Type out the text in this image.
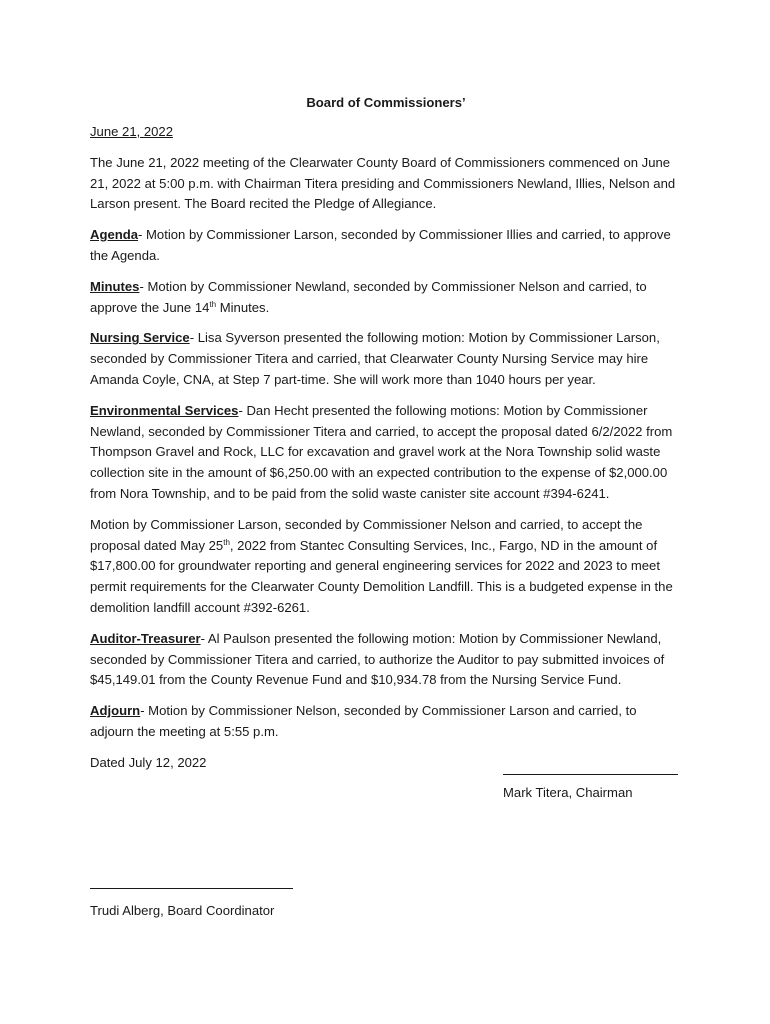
Board of Commissioners’
June 21, 2022

The June 21, 2022 meeting of the Clearwater County Board of Commissioners commenced on June 21, 2022 at 5:00 p.m. with Chairman Titera presiding and Commissioners Newland, Illies, Nelson and Larson present. The Board recited the Pledge of Allegiance.

Agenda- Motion by Commissioner Larson, seconded by Commissioner Illies and carried, to approve the Agenda.

Minutes- Motion by Commissioner Newland, seconded by Commissioner Nelson and carried, to approve the June 14th Minutes.

Nursing Service- Lisa Syverson presented the following motion: Motion by Commissioner Larson, seconded by Commissioner Titera and carried, that Clearwater County Nursing Service may hire Amanda Coyle, CNA, at Step 7 part-time. She will work more than 1040 hours per year.

Environmental Services- Dan Hecht presented the following motions: Motion by Commissioner Newland, seconded by Commissioner Titera and carried, to accept the proposal dated 6/2/2022 from Thompson Gravel and Rock, LLC for excavation and gravel work at the Nora Township solid waste collection site in the amount of $6,250.00 with an expected contribution to the expense of $2,000.00 from Nora Township, and to be paid from the solid waste canister site account #394-6241.

Motion by Commissioner Larson, seconded by Commissioner Nelson and carried, to accept the proposal dated May 25th, 2022 from Stantec Consulting Services, Inc., Fargo, ND in the amount of $17,800.00 for groundwater reporting and general engineering services for 2022 and 2023 to meet permit requirements for the Clearwater County Demolition Landfill. This is a budgeted expense in the demolition landfill account #392-6261.

Auditor-Treasurer- Al Paulson presented the following motion: Motion by Commissioner Newland, seconded by Commissioner Titera and carried, to authorize the Auditor to pay submitted invoices of $45,149.01 from the County Revenue Fund and $10,934.78 from the Nursing Service Fund.

Adjourn- Motion by Commissioner Nelson, seconded by Commissioner Larson and carried, to adjourn the meeting at 5:55 p.m.

Dated July 12, 2022
Mark Titera, Chairman
Trudi Alberg, Board Coordinator
